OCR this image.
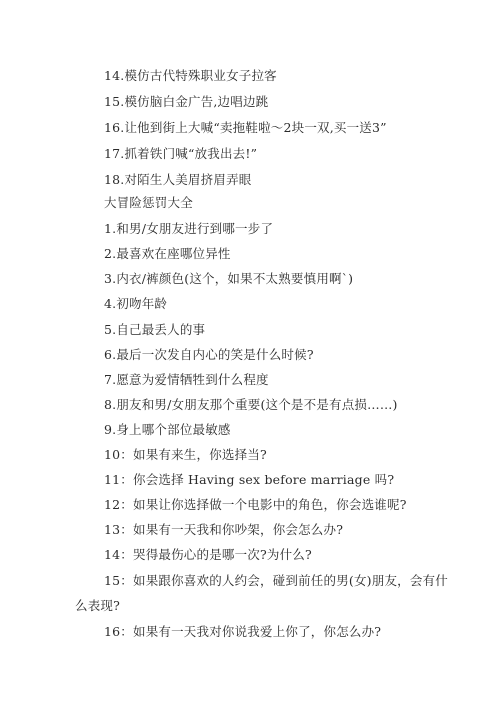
14.模仿古代特殊职业女子拉客
15.模仿脑白金广告,边唱边跳
16.让他到街上大喊“卖拖鞋啦～2块一双,买一送3”
17.抓着铁门喊“放我出去!”
18.对陌生人美眉挤眉弄眼
大冒险惩罚大全
1.和男/女朋友进行到哪一步了
2.最喜欢在座哪位异性
3.内衣/裤颜色(这个，如果不太熟要慎用啊`)
4.初吻年龄
5.自己最丢人的事
6.最后一次发自内心的笑是什么时候?
7.愿意为爱情牺牲到什么程度
8.朋友和男/女朋友那个重要(这个是不是有点损……)
9.身上哪个部位最敏感
10：如果有来生，你选择当?
11：你会选择 Having sex before marriage 吗?
12：如果让你选择做一个电影中的角色，你会选谁呢?
13：如果有一天我和你吵架，你会怎么办?
14：哭得最伤心的是哪一次?为什么?
15：如果跟你喜欢的人约会，碰到前任的男(女)朋友，会有什
么表现?
16：如果有一天我对你说我爱上你了，你怎么办?
